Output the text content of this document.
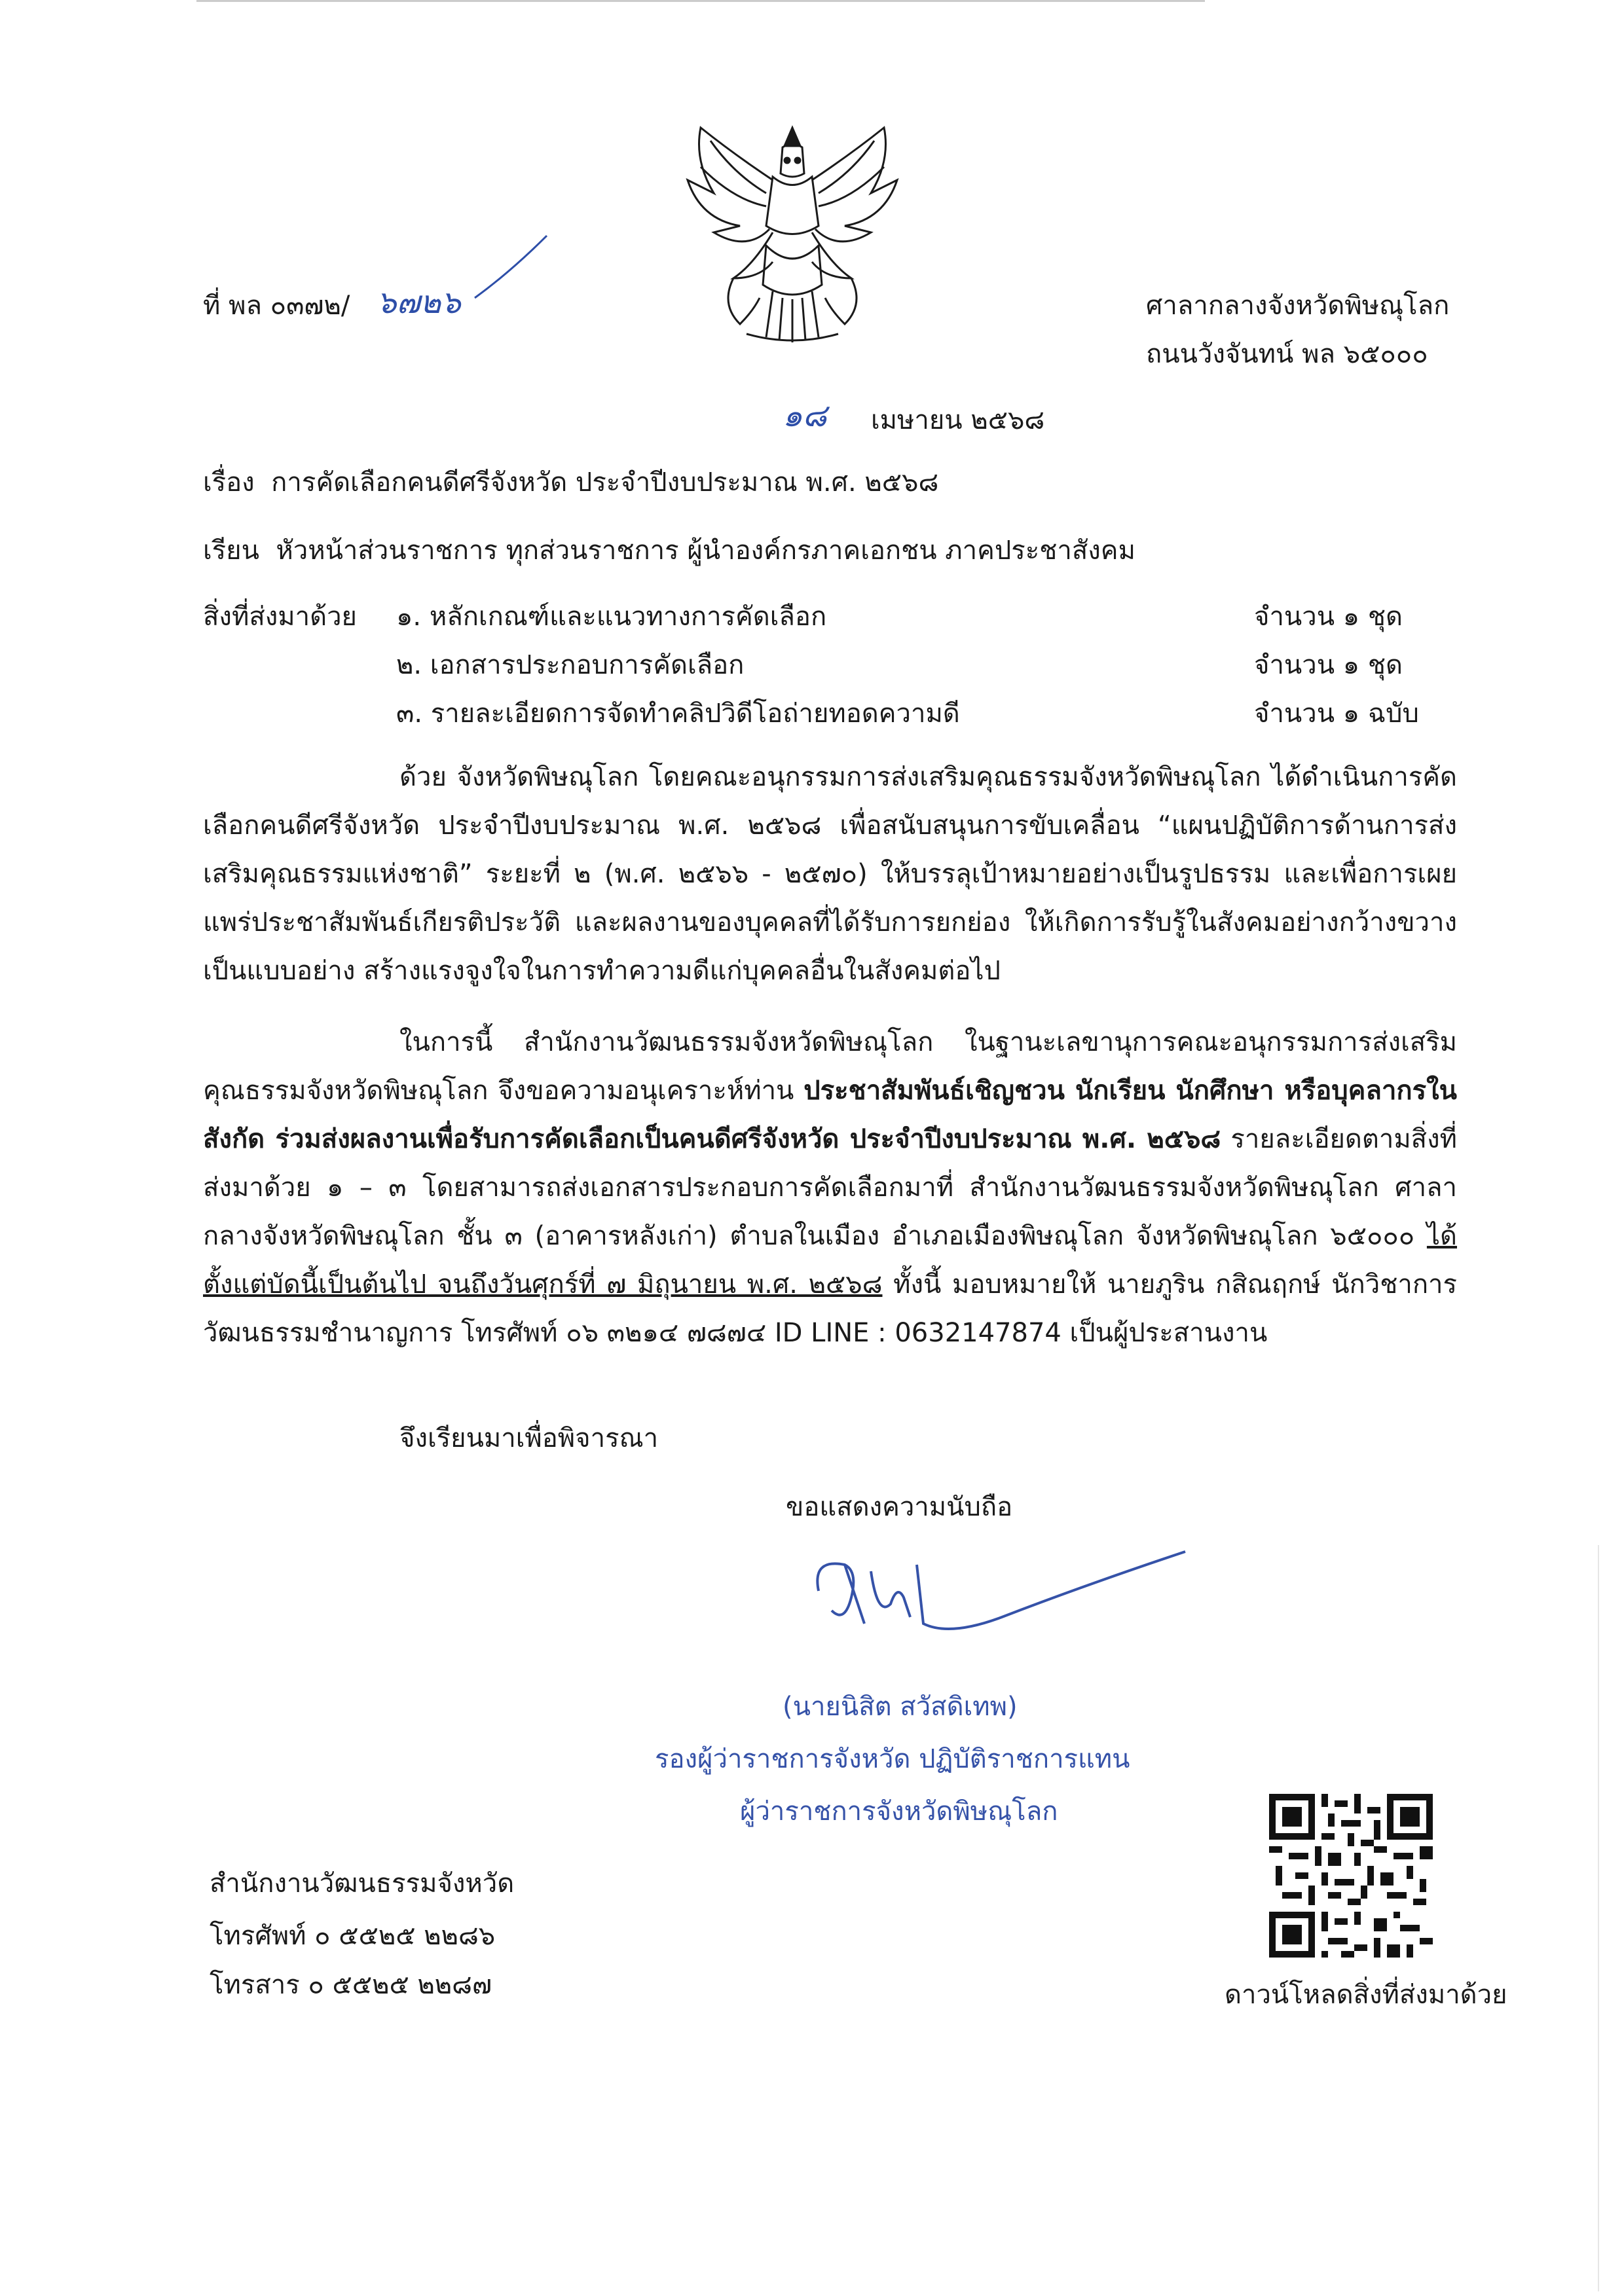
ที่ พล ๐๓๗๒/ ๖๗๒๖	ศาลากลางจังหวัดพิษณุโลก
ถนนวังจันทน์ พล ๖๕๐๐๐
๑๘ เมษายน ๒๕๖๘
เรื่อง การคัดเลือกคนดีศรีจังหวัด ประจำปีงบประมาณ พ.ศ. ๒๕๖๘
เรียน หัวหน้าส่วนราชการ ทุกส่วนราชการ ผู้นำองค์กรภาคเอกชน ภาคประชาสังคม
สิ่งที่ส่งมาด้วย ๑. หลักเกณฑ์และแนวทางการคัดเลือก	จำนวน ๑ ชุด
๒. เอกสารประกอบการคัดเลือก	จำนวน ๑ ชุด
๓. รายละเอียดการจัดทำคลิปวิดีโอถ่ายทอดความดี	จำนวน ๑ ฉบับ
ด้วย จังหวัดพิษณุโลก โดยคณะอนุกรรมการส่งเสริมคุณธรรมจังหวัดพิษณุโลก ได้ดำเนินการคัดเลือกคนดีศรีจังหวัด ประจำปีงบประมาณ พ.ศ. ๒๕๖๘ เพื่อสนับสนุนการขับเคลื่อน “แผนปฏิบัติการด้านการส่งเสริมคุณธรรมแห่งชาติ” ระยะที่ ๒ (พ.ศ. ๒๕๖๖ - ๒๕๗๐) ให้บรรลุเป้าหมายอย่างเป็นรูปธรรม และเพื่อการเผยแพร่ประชาสัมพันธ์เกียรติประวัติ และผลงานของบุคคลที่ได้รับการยกย่อง ให้เกิดการรับรู้ในสังคมอย่างกว้างขวาง เป็นแบบอย่าง สร้างแรงจูงใจในการทำความดีแก่บุคคลอื่นในสังคมต่อไป
ในการนี้ สำนักงานวัฒนธรรมจังหวัดพิษณุโลก ในฐานะเลขานุการคณะอนุกรรมการส่งเสริมคุณธรรมจังหวัดพิษณุโลก จึงขอความอนุเคราะห์ท่าน ประชาสัมพันธ์เชิญชวน นักเรียน นักศึกษา หรือบุคลากรในสังกัด ร่วมส่งผลงานเพื่อรับการคัดเลือกเป็นคนดีศรีจังหวัด ประจำปีงบประมาณ พ.ศ. ๒๕๖๘ รายละเอียดตามสิ่งที่ส่งมาด้วย ๑ – ๓ โดยสามารถส่งเอกสารประกอบการคัดเลือกมาที่ สำนักงานวัฒนธรรมจังหวัดพิษณุโลก ศาลากลางจังหวัดพิษณุโลก ชั้น ๓ (อาคารหลังเก่า) ตำบลในเมือง อำเภอเมืองพิษณุโลก จังหวัดพิษณุโลก ๖๕๐๐๐ ได้ตั้งแต่บัดนี้เป็นต้นไป จนถึงวันศุกร์ที่ ๗ มิถุนายน พ.ศ. ๒๕๖๘ ทั้งนี้ มอบหมายให้ นายภูริน กสิณฤกษ์ นักวิชาการวัฒนธรรมชำนาญการ โทรศัพท์ ๐๖ ๓๒๑๔ ๗๘๗๔ ID LINE : 0632147874 เป็นผู้ประสานงาน
จึงเรียนมาเพื่อพิจารณา
ขอแสดงความนับถือ
(นายนิสิต สวัสดิเทพ)
รองผู้ว่าราชการจังหวัด ปฏิบัติราชการแทน
ผู้ว่าราชการจังหวัดพิษณุโลก
สำนักงานวัฒนธรรมจังหวัด
โทรศัพท์ ๐ ๕๕๒๕ ๒๒๘๖
โทรสาร ๐ ๕๕๒๕ ๒๒๘๗	ดาวน์โหลดสิ่งที่ส่งมาด้วย
